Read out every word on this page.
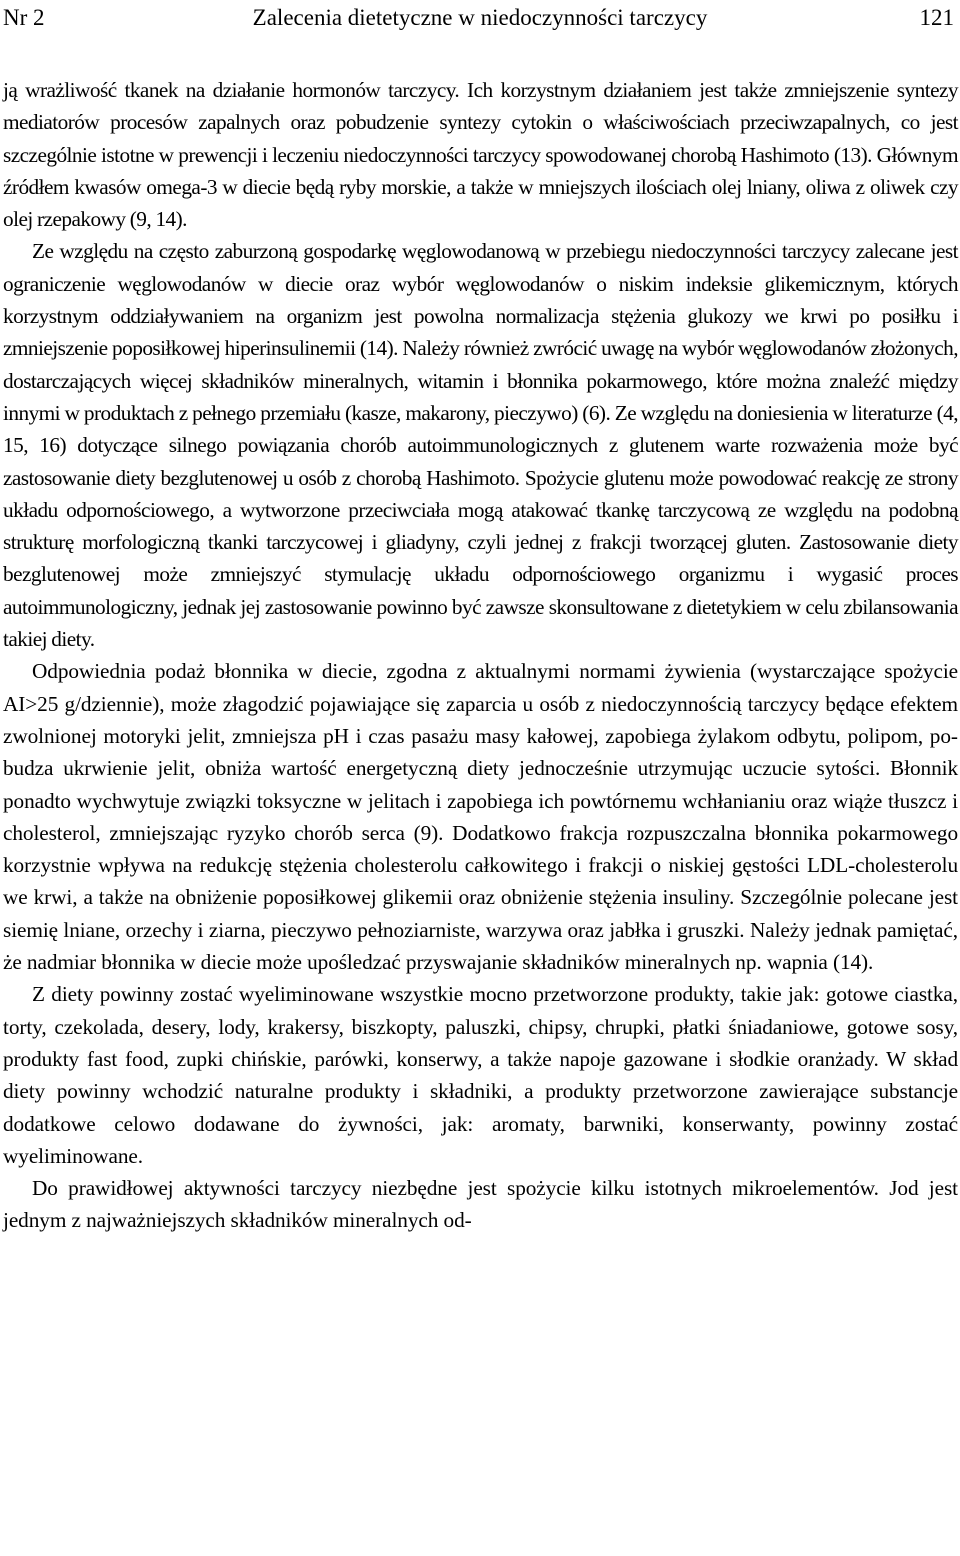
Zalecenia dietetyczne w niedoczynności tarczycy
Nr 2	121

ją wrażliwość tkanek na działanie hormonów tarczycy. Ich korzystnym działaniem jest także zmniejszenie syntezy mediatorów procesów zapalnych oraz pobudzenie syntezy cytokin o właściwościach przeciwzapalnych, co jest szczególnie istotne w prewencji i leczeniu niedoczynności tarczycy spowodowanej chorobą Hashimoto (13). Głównym źródłem kwasów omega-3 w diecie będą ryby morskie, a także w mniejszych ilościach olej lniany, oliwa z oliwek czy olej rzepakowy (9, 14).

Ze względu na często zaburzoną gospodarkę węglowodanową w przebiegu niedoczynności tarczycy zalecane jest ograniczenie węglowodanów w diecie oraz wybór węglowodanów o niskim indeksie glikemicznym, których korzystnym oddziaływaniem na organizm jest powolna normalizacja stężenia glukozy we krwi po posiłku i zmniejszenie poposiłkowej hiperinsulinemii (14). Należy również zwrócić uwagę na wybór węglowodanów złożonych, dostarczających więcej składników mineralnych, witamin i błonnika pokarmowego, które można znaleźć między innymi w produktach z pełnego przemiału (kasze, makarony, pieczywo) (6). Ze względu na doniesienia w literaturze (4, 15, 16) dotyczące silnego powiązania chorób autoimmunologicznych z glutenem warte rozważenia może być zastosowanie diety bezglutenowej u osób z chorobą Hashimoto. Spożycie glutenu może powodować reakcję ze strony układu odpornościowego, a wytworzone przeciwciała mogą atakować tkankę tarczycową ze względu na podobną strukturę morfologiczną tkanki tarczycowej i gliadyny, czyli jednej z frakcji tworzącej gluten. Zastosowanie diety bezglutenowej może zmniejszyć stymulację układu odpornościowego organizmu i wygasić proces autoimmunologiczny, jednak jej zastosowanie powinno być zawsze skonsultowane z dietetykiem w celu zbilansowania takiej diety.

Odpowiednia podaż błonnika w diecie, zgodna z aktualnymi normami żywienia (wystarczające spożycie AI>25 g/dziennie), może złagodzić pojawiające się zaparcia u osób z niedoczynnością tarczycy będące efektem zwolnionej motoryki jelit, zmniejsza pH i czas pasażu masy kałowej, zapobiega żylakom odbytu, polipom, pobudza ukrwienie jelit, obniża wartość energetyczną diety jednocześnie utrzymując uczucie sytości. Błonnik ponadto wychwytuje związki toksyczne w jelitach i zapobiega ich powtórnemu wchłanianiu oraz wiąże tłuszcz i cholesterol, zmniejszając ryzyko chorób serca (9). Dodatkowo frakcja rozpuszczalna błonnika pokarmowego korzystnie wpływa na redukcję stężenia cholesterolu całkowitego i frakcji o niskiej gęstości LDL-cholesterolu we krwi, a także na obniżenie poposiłkowej glikemii oraz obniżenie stężenia insuliny. Szczególnie polecane jest siemię lniane, orzechy i ziarna, pieczywo pełnoziarniste, warzywa oraz jabłka i gruszki. Należy jednak pamiętać, że nadmiar błonnika w diecie może upośledzać przyswajanie składników mineralnych np. wapnia (14).

Z diety powinny zostać wyeliminowane wszystkie mocno przetworzone produkty, takie jak: gotowe ciastka, torty, czekolada, desery, lody, krakersy, biszkopty, paluszki, chipsy, chrupki, płatki śniadaniowe, gotowe sosy, produkty fast food, zupki chińskie, parówki, konserwy, a także napoje gazowane i słodkie oranżady. W skład diety powinny wchodzić naturalne produkty i składniki, a produkty przetworzone zawierające substancje dodatkowe celowo dodawane do żywności, jak: aromaty, barwniki, konserwanty, powinny zostać wyeliminowane.

Do prawidłowej aktywności tarczycy niezbędne jest spożycie kilku istotnych mikroelementów. Jod jest jednym z najważniejszych składników mineralnych od-
